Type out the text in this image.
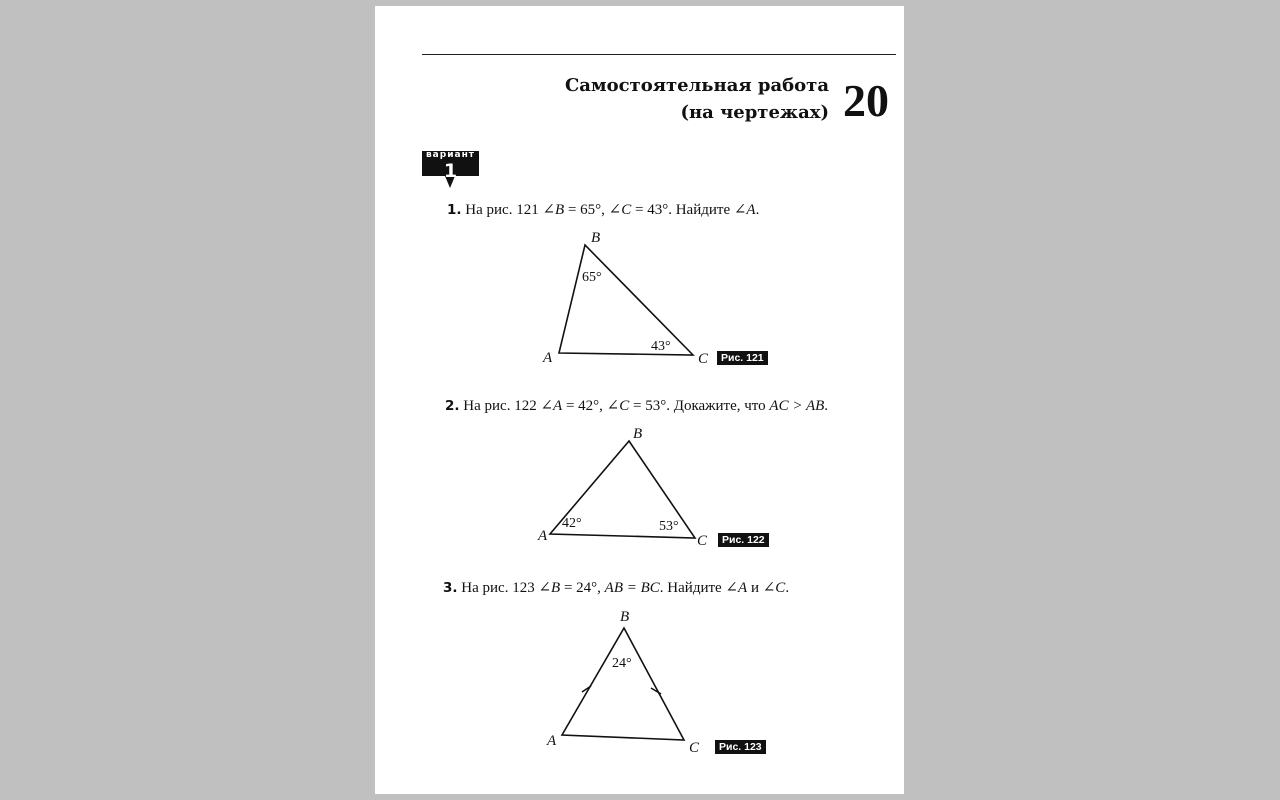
Самостоятельная работа
(на чертежах) 20
вариант
1
1. На рис. 121 ∠B = 65°, ∠C = 43°. Найдите ∠A.
B
A	C
65°
43°
Рис. 121
2. На рис. 122 ∠A = 42°, ∠C = 53°. Докажите, что AC > AB.
B
A	C
42°	53°
Рис. 122
3. На рис. 123 ∠B = 24°, AB = BC. Найдите ∠A и ∠C.
B
A	C
24°
Рис. 123
